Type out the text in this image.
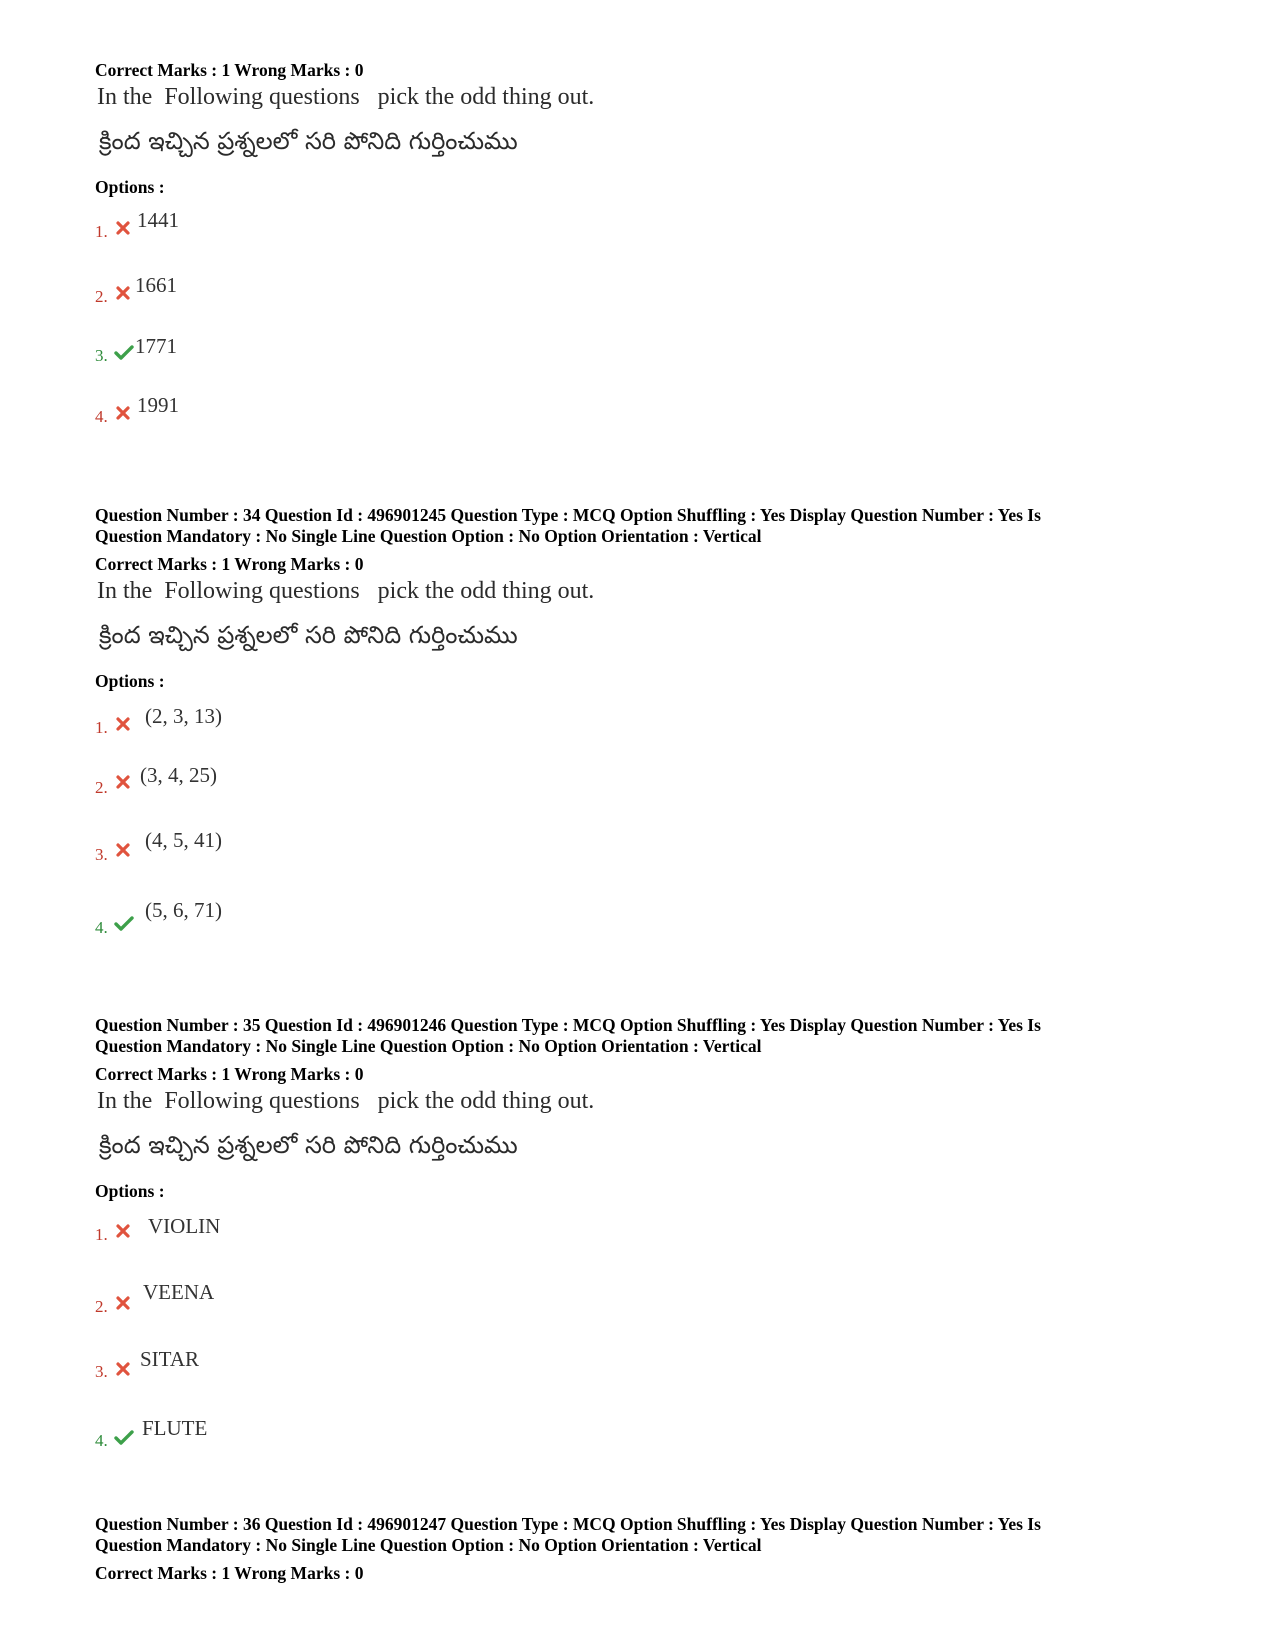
Correct Marks : 1 Wrong Marks : 0
In the  Following questions   pick the odd thing out.
క్రింద ఇచ్చిన ప్రశ్నలలో సరి పోనిది గుర్తించుము
Options :
1. 1441
2. 1661
3. 1771
4. 1991
Question Number : 34 Question Id : 496901245 Question Type : MCQ Option Shuffling : Yes Display Question Number : Yes Is
Question Mandatory : No Single Line Question Option : No Option Orientation : Vertical
Correct Marks : 1 Wrong Marks : 0
In the  Following questions   pick the odd thing out.
క్రింద ఇచ్చిన ప్రశ్నలలో సరి పోనిది గుర్తించుము
Options :
1. (2, 3, 13)
2.
(3, 4, 25)
3.
(4, 5, 41)
4.
(5, 6, 71)
Question Number : 35 Question Id : 496901246 Question Type : MCQ Option Shuffling : Yes Display Question Number : Yes Is
Question Mandatory : No Single Line Question Option : No Option Orientation : Vertical
Correct Marks : 1 Wrong Marks : 0
In the  Following questions   pick the odd thing out.
క్రింద ఇచ్చిన ప్రశ్నలలో సరి పోనిది గుర్తించుము
Options :
1. VIOLIN
2.
VEENA
3.
SITAR
4.
FLUTE
Question Number : 36 Question Id : 496901247 Question Type : MCQ Option Shuffling : Yes Display Question Number : Yes Is
Question Mandatory : No Single Line Question Option : No Option Orientation : Vertical
Correct Marks : 1 Wrong Marks : 0
